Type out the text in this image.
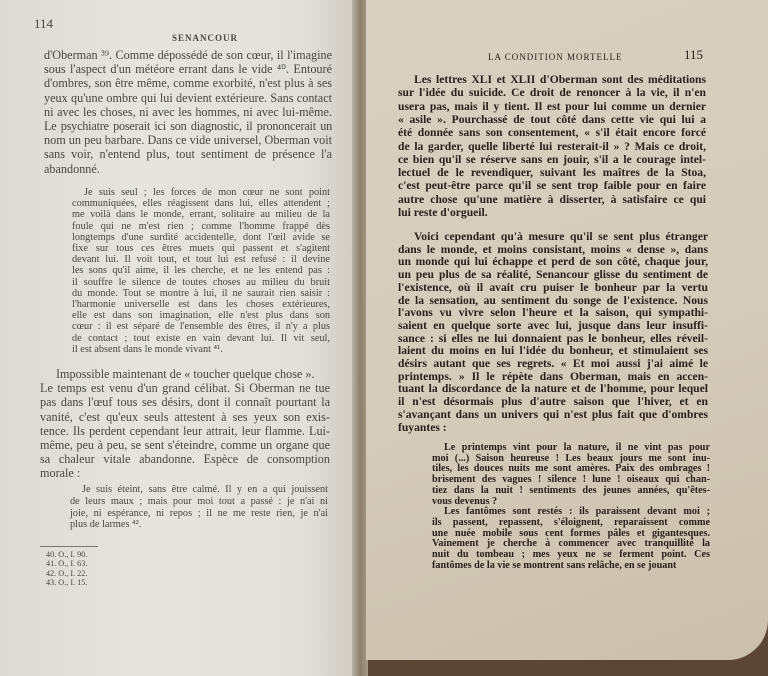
114
SENANCOUR
115
LA CONDITION MORTELLE
d'Oberman ³⁹. Comme dépossédé de son cœur, il l'imagine
sous l'aspect d'un météore errant dans le vide ⁴⁰. Entouré
d'ombres, son être même, comme exorbité, n'est plus à ses
yeux qu'une ombre qui lui devient extérieure. Sans contact
ni avec les choses, ni avec les hommes, ni avec lui-même.
Le psychiatre poserait ici son diagnostic, il prononcerait un
nom un peu barbare. Dans ce vide universel, Oberman voit
sans voir, n'entend plus, tout sentiment de présence l'a
abandonné.
Je suis seul ; les forces de mon cœur ne sont point
communiquées, elles réagissent dans lui, elles attendent ;
me voilà dans le monde, errant, solitaire au milieu de la
foule qui ne m'est rien ; comme l'homme frappé dès
longtemps d'une surdité accidentelle, dont l'œil avide se
fixe sur tous ces êtres muets qui passent et s'agitent
devant lui. Il voit tout, et tout lui est refusé : il devine
les sons qu'il aime, il les cherche, et ne les entend pas :
il souffre le silence de toutes choses au milieu du bruit
du monde. Tout se montre à lui, il ne saurait rien saisir :
l'harmonie universelle est dans les choses extérieures,
elle est dans son imagination, elle n'est plus dans son
cœur : il est séparé de l'ensemble des êtres, il n'y a plus
de contact ; tout existe en vain devant lui. Il vit seul,
il est absent dans le monde vivant ⁴¹.
Impossible maintenant de « toucher quelque chose ».
Le temps est venu d'un grand célibat. Si Oberman ne tue
pas dans l'œuf tous ses désirs, dont il connaît pourtant la
vanité, c'est qu'eux seuls attestent à ses yeux son exis-
tence. Ils perdent cependant leur attrait, leur flamme. Lui-
même, peu à peu, se sent s'éteindre, comme un organe que
sa chaleur vitale abandonne. Espèce de consomption
morale :
Je suis éteint, sans être calmé. Il y en a qui jouissent
de leurs maux ; mais pour moi tout a passé : je n'ai ni
joie, ni espérance, ni repos ; il ne me reste rien, je n'ai
plus de larmes ⁴².
40. O., I. 90.
41. O., I. 63.
42. O., I. 22.
43. O., I. 15.
Les lettres XLI et XLII d'Oberman sont des méditations
sur l'idée du suicide. Ce droit de renoncer à la vie, il n'en
usera pas, mais il y tient. Il est pour lui comme un dernier
« asile ». Pourchassé de tout côté dans cette vie qui lui a
été donnée sans son consentement, « s'il était encore forcé
de la garder, quelle liberté lui resterait-il » ? Mais ce droit,
ce bien qu'il se réserve sans en jouir, s'il a le courage intel-
lectuel de le revendiquer, suivant les maîtres de la Stoa,
c'est peut-être parce qu'il se sent trop faible pour en faire
autre chose qu'une matière à disserter, à satisfaire ce qui
lui reste d'orgueil.
Voici cependant qu'à mesure qu'il se sent plus étranger
dans le monde, et moins consistant, moins « dense », dans
un monde qui lui échappe et perd de son côté, chaque jour,
un peu plus de sa réalité, Senancour glisse du sentiment de
l'existence, où il avait cru puiser le bonheur par la vertu
de la sensation, au sentiment du songe de l'existence. Nous
l'avons vu vivre selon l'heure et la saison, qui sympathi-
saient en quelque sorte avec lui, jusque dans leur insuffi-
sance : si elles ne lui donnaient pas le bonheur, elles réveil-
laient du moins en lui l'idée du bonheur, et stimulaient ses
désirs autant que ses regrets. « Et moi aussi j'ai aimé le
printemps. » Il le répète dans Oberman, mais en accen-
tuant la discordance de la nature et de l'homme, pour lequel
il n'est désormais plus d'autre saison que l'hiver, et en
s'avançant dans un univers qui n'est plus fait que d'ombres
fuyantes :
Le printemps vint pour la nature, il ne vint pas pour
moi (...) Saison heureuse ! Les beaux jours me sont inu-
tiles, les douces nuits me sont amères. Paix des ombrages !
brisement des vagues ! silence ! lune ! oiseaux qui chan-
tiez dans la nuit ! sentiments des jeunes années, qu'êtes-
vous devenus ?
Les fantômes sont restés : ils paraissent devant moi ;
ils passent, repassent, s'éloignent, reparaissent comme
une nuée mobile sous cent formes pâles et gigantesques.
Vainement je cherche à commencer avec tranquillité la
nuit du tombeau ; mes yeux ne se ferment point. Ces
fantômes de la vie se montrent sans relâche, en se jouant
